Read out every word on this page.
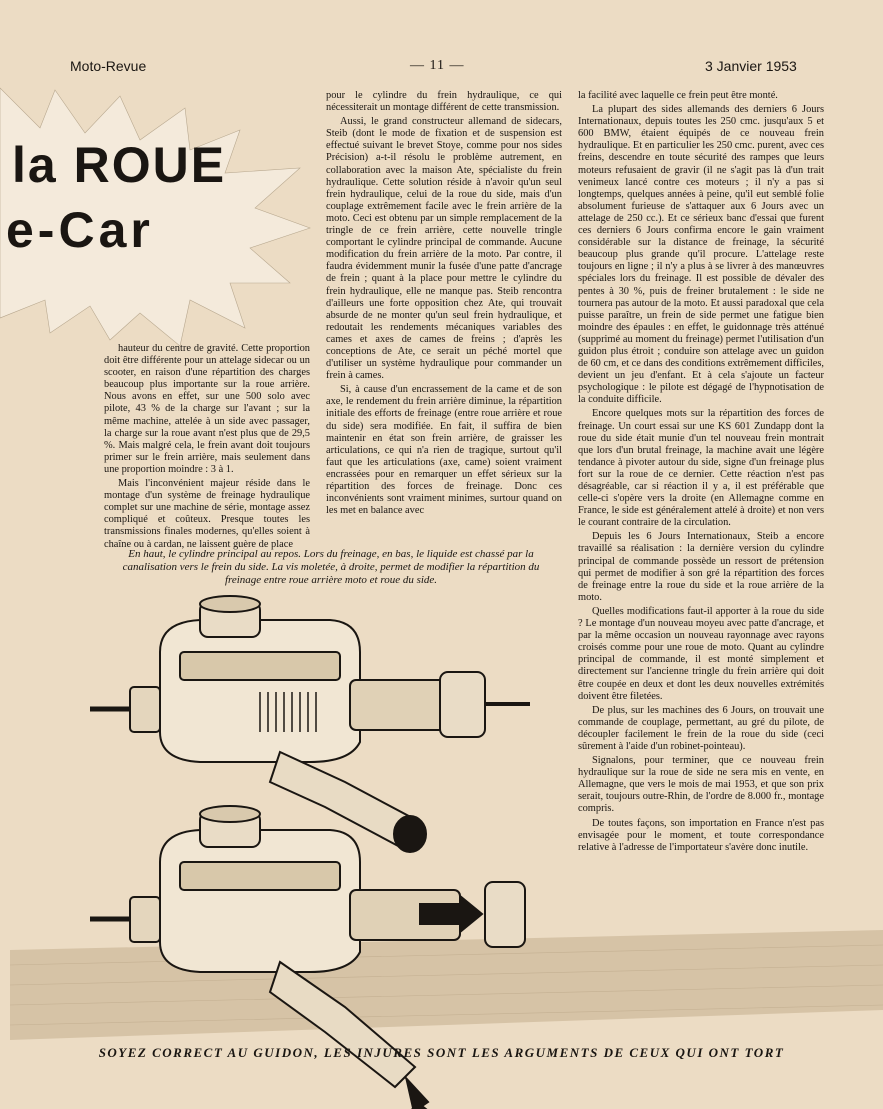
Moto-Revue	— 11 —	3 Janvier 1953
la ROUE
e-Car

hauteur du centre de gravité. Cette proportion doit être différente pour un attelage sidecar ou un scooter, en raison d'une répartition des charges beaucoup plus importante sur la roue arrière. Nous avons en effet, sur une 500 solo avec pilote, 43 % de la charge sur l'avant ; sur la même machine, attelée à un side avec passager, la charge sur la roue avant n'est plus que de 29,5 %. Mais malgré cela, le frein avant doit toujours primer sur le frein arrière, mais seulement dans une proportion moindre : 3 à 1.

Mais l'inconvénient majeur réside dans le montage d'un système de freinage hydraulique complet sur une machine de série, montage assez compliqué et coûteux. Presque toutes les transmissions finales modernes, qu'elles soient à chaîne ou à cardan, ne laissent guère de place

pour le cylindre du frein hydraulique, ce qui nécessiterait un montage différent de cette transmission.

Aussi, le grand constructeur allemand de sidecars, Steib (dont le mode de fixation et de suspension est effectué suivant le brevet Stoye, comme pour nos sides Précision) a-t-il résolu le problème autrement, en collaboration avec la maison Ate, spécialiste du frein hydraulique. Cette solution réside à n'avoir qu'un seul frein hydraulique, celui de la roue du side, mais d'un couplage extrêmement facile avec le frein arrière de la moto. Ceci est obtenu par un simple remplacement de la tringle de ce frein arrière, cette nouvelle tringle comportant le cylindre principal de commande. Aucune modification du frein arrière de la moto. Par contre, il faudra évidemment munir la fusée d'une patte d'ancrage de frein ; quant à la place pour mettre le cylindre du frein hydraulique, elle ne manque pas. Steib rencontra d'ailleurs une forte opposition chez Ate, qui trouvait absurde de ne monter qu'un seul frein hydraulique, et redoutait les rendements mécaniques variables des cames et axes de cames de freins ; d'après les conceptions de Ate, ce serait un péché mortel que d'utiliser un système hydraulique pour commander un frein à cames.

Si, à cause d'un encrassement de la came et de son axe, le rendement du frein arrière diminue, la répartition initiale des efforts de freinage (entre roue arrière et roue du side) sera modifiée. En fait, il suffira de bien maintenir en état son frein arrière, de graisser les articulations, ce qui n'a rien de tragique, surtout qu'il faut que les articulations (axe, came) soient vraiment encrassées pour en remarquer un effet sérieux sur la répartition des forces de freinage. Donc ces inconvénients sont vraiment minimes, surtour quand on les met en balance avec

la facilité avec laquelle ce frein peut être monté.

La plupart des sides allemands des derniers 6 Jours Internationaux, depuis toutes les 250 cmc. jusqu'aux 5 et 600 BMW, étaient équipés de ce nouveau frein hydraulique. Et en particulier les 250 cmc. purent, avec ces freins, descendre en toute sécurité des rampes que leurs moteurs refusaient de gravir (il ne s'agit pas là d'un trait venimeux lancé contre ces moteurs ; il n'y a pas si longtemps, quelques années à peine, qu'il eut semblé folie absolument furieuse de s'attaquer aux 6 Jours avec un attelage de 250 cc.). Et ce sérieux banc d'essai que furent ces derniers 6 Jours confirma encore le gain vraiment considérable sur la distance de freinage, la sécurité beaucoup plus grande qu'il procure. L'attelage reste toujours en ligne ; il n'y a plus à se livrer à des manœuvres spéciales lors du freinage. Il est possible de dévaler des pentes à 30 %, puis de freiner brutalement : le side ne tournera pas autour de la moto. Et aussi paradoxal que cela puisse paraître, un frein de side permet une fatigue bien moindre des épaules : en effet, le guidonnage très atténué (supprimé au moment du freinage) permet l'utilisation d'un guidon plus étroit ; conduire son attelage avec un guidon de 60 cm, et ce dans des conditions extrêmement difficiles, devient un jeu d'enfant. Et à cela s'ajoute un facteur psychologique : le pilote est dégagé de l'hypnotisation de la conduite difficile.

Encore quelques mots sur la répartition des forces de freinage. Un court essai sur une KS 601 Zundapp dont la roue du side était munie d'un tel nouveau frein montrait que lors d'un brutal freinage, la machine avait une légère tendance à pivoter autour du side, signe d'un freinage plus fort sur la roue de ce dernier. Cette réaction n'est pas désagréable, car si réaction il y a, il est préférable que celle-ci s'opère vers la droite (en Allemagne comme en France, le side est généralement attelé à droite) et non vers le courant contraire de la circulation.

Depuis les 6 Jours Internationaux, Steib a encore travaillé sa réalisation : la dernière version du cylindre principal de commande possède un ressort de prétension qui permet de modifier à son gré la répartition des forces de freinage entre la roue du side et la roue arrière de la moto.

Quelles modifications faut-il apporter à la roue du side ? Le montage d'un nouveau moyeu avec patte d'ancrage, et par la même occasion un nouveau rayonnage avec rayons croisés comme pour une roue de moto. Quant au cylindre principal de commande, il est monté simplement et directement sur l'ancienne tringle du frein arrière qui doit être coupée en deux et dont les deux nouvelles extrémités doivent être filetées.

De plus, sur les machines des 6 Jours, on trouvait une commande de couplage, permettant, au gré du pilote, de découpler facilement le frein de la roue du side (ceci sûrement à l'aide d'un robinet-pointeau).

Signalons, pour terminer, que ce nouveau frein hydraulique sur la roue de side ne sera mis en vente, en Allemagne, que vers le mois de mai 1953, et que son prix serait, toujours outre-Rhin, de l'ordre de 8.000 fr., montage compris.

De toutes façons, son importation en France n'est pas envisagée pour le moment, et toute correspondance relative à l'adresse de l'importateur s'avère donc inutile.

En haut, le cylindre principal au repos. Lors du freinage, en bas, le liquide est chassé par la canalisation vers le frein du side. La vis moletée, à droite, permet de modifier la répartition du freinage entre roue arrière moto et roue du side.
SOYEZ CORRECT AU GUIDON, LES INJURES SONT LES ARGUMENTS DE CEUX QUI ONT TORT
